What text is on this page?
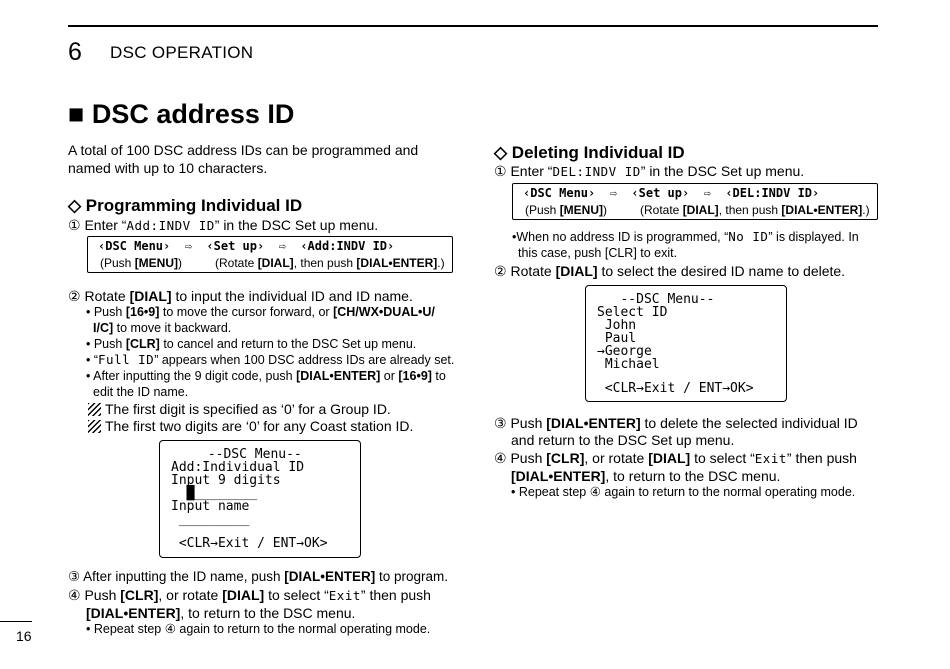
6 DSC OPERATION
■ DSC address ID
A total of 100 DSC address IDs can be programmed and
named with up to 10 characters.
◇ Programming Individual ID
① Enter “Add:INDV ID” in the DSC Set up menu.
‹DSC Menu› ⇨ ‹Set up› ⇨ ‹Add:INDV ID›
(Push [MENU])	(Rotate [DIAL], then push [DIAL•ENTER].)
② Rotate [DIAL] to input the individual ID and ID name.
• Push [16•9] to move the cursor forward, or [CH/WX•DUAL•U/
I/C] to move it backward.
• Push [CLR] to cancel and return to the DSC Set up menu.
• “Full ID” appears when 100 DSC address IDs are already set.
• After inputting the 9 digit code, push [DIAL•ENTER] or [16•9] to
edit the ID name.
The first digit is specified as ‘0’ for a Group ID.
The first two digits are ‘0’ for any Coast station ID.

--DSC Menu--

Add:Individual ID

Input 9 digits

█________

Input name

_________

<CLR→Exit / ENT→OK>

③ After inputting the ID name, push [DIAL•ENTER] to program.
④ Push [CLR], or rotate [DIAL] to select “Exit” then push
[DIAL•ENTER], to return to the DSC menu.
• Repeat step ④ again to return to the normal operating mode.
◇ Deleting Individual ID
① Enter “DEL:INDV ID” in the DSC Set up menu.
‹DSC Menu› ⇨ ‹Set up› ⇨ ‹DEL:INDV ID›
(Push [MENU])	(Rotate [DIAL], then push [DIAL•ENTER].)
•When no address ID is programmed, “No ID” is displayed. In
this case, push [CLR] to exit.
② Rotate [DIAL] to select the desired ID name to delete.

--DSC Menu--

Select ID

John

Paul

→George

Michael

<CLR→Exit / ENT→OK>

③ Push [DIAL•ENTER] to delete the selected individual ID
and return to the DSC Set up menu.
④ Push [CLR], or rotate [DIAL] to select “Exit” then push
[DIAL•ENTER], to return to the DSC menu.
• Repeat step ④ again to return to the normal operating mode.
16
